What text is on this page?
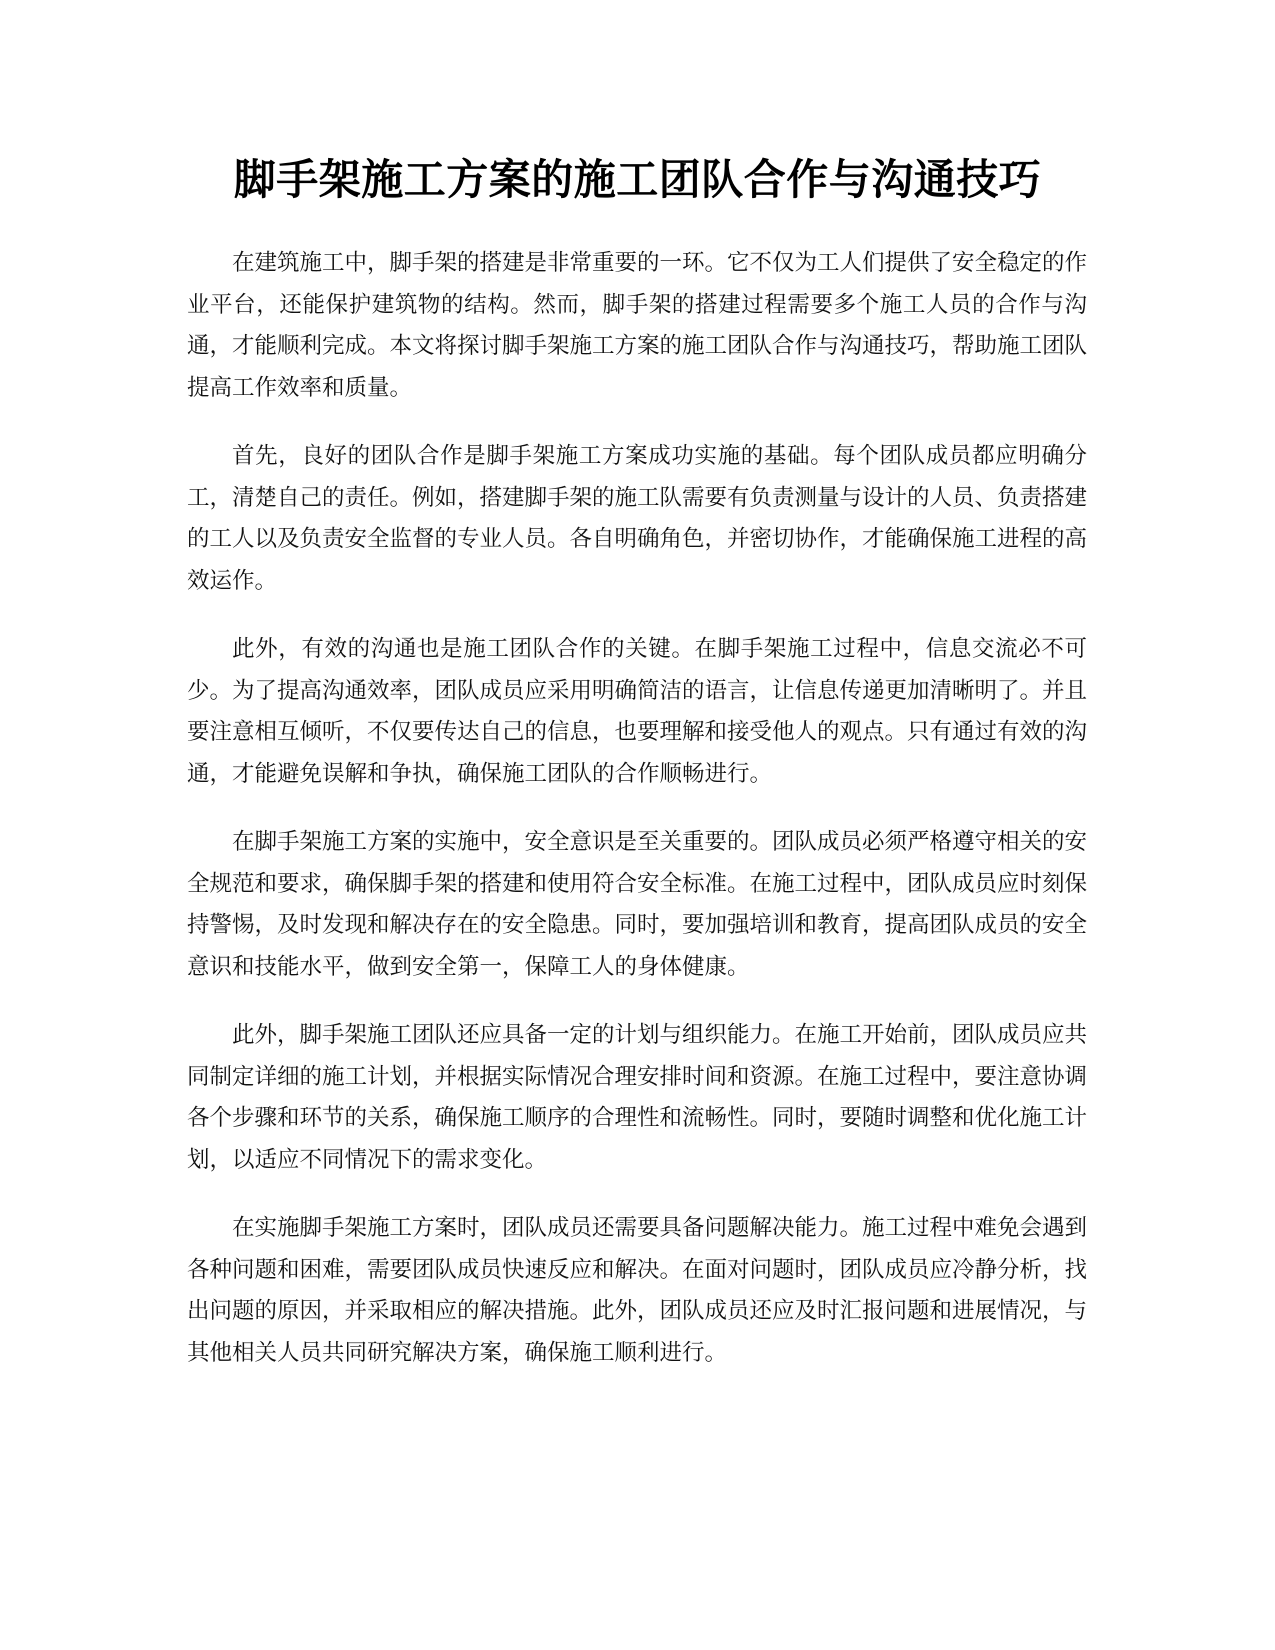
脚手架施工方案的施工团队合作与沟通技巧

在建筑施工中，脚手架的搭建是非常重要的一环。它不仅为工人们提供了安全稳定的作业平台，还能保护建筑物的结构。然而，脚手架的搭建过程需要多个施工人员的合作与沟通，才能顺利完成。本文将探讨脚手架施工方案的施工团队合作与沟通技巧，帮助施工团队提高工作效率和质量。

首先，良好的团队合作是脚手架施工方案成功实施的基础。每个团队成员都应明确分工，清楚自己的责任。例如，搭建脚手架的施工队需要有负责测量与设计的人员、负责搭建的工人以及负责安全监督的专业人员。各自明确角色，并密切协作，才能确保施工进程的高效运作。

此外，有效的沟通也是施工团队合作的关键。在脚手架施工过程中，信息交流必不可少。为了提高沟通效率，团队成员应采用明确简洁的语言，让信息传递更加清晰明了。并且要注意相互倾听，不仅要传达自己的信息，也要理解和接受他人的观点。只有通过有效的沟通，才能避免误解和争执，确保施工团队的合作顺畅进行。

在脚手架施工方案的实施中，安全意识是至关重要的。团队成员必须严格遵守相关的安全规范和要求，确保脚手架的搭建和使用符合安全标准。在施工过程中，团队成员应时刻保持警惕，及时发现和解决存在的安全隐患。同时，要加强培训和教育，提高团队成员的安全意识和技能水平，做到安全第一，保障工人的身体健康。

此外，脚手架施工团队还应具备一定的计划与组织能力。在施工开始前，团队成员应共同制定详细的施工计划，并根据实际情况合理安排时间和资源。在施工过程中，要注意协调各个步骤和环节的关系，确保施工顺序的合理性和流畅性。同时，要随时调整和优化施工计划，以适应不同情况下的需求变化。

在实施脚手架施工方案时，团队成员还需要具备问题解决能力。施工过程中难免会遇到各种问题和困难，需要团队成员快速反应和解决。在面对问题时，团队成员应冷静分析，找出问题的原因，并采取相应的解决措施。此外，团队成员还应及时汇报问题和进展情况，与其他相关人员共同研究解决方案，确保施工顺利进行。
